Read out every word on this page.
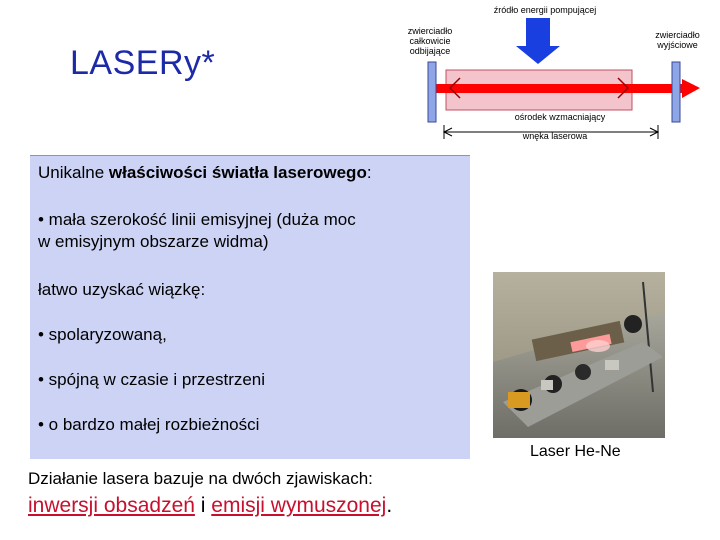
LASERy*
źródło energii pompującej
zwierciadło
całkowicie
odbijające
zwierciadło
wyjściowe
ośrodek wzmacniający
wnęka laserowa
Unikalne właściwości światła laserowego:
• mała szerokość linii emisyjnej (duża moc
w emisyjnym obszarze widma)
łatwo uzyskać wiązkę:
• spolaryzowaną,
• spójną w czasie i przestrzeni
• o bardzo małej rozbieżności
Laser He-Ne
Działanie lasera bazuje na dwóch zjawiskach:
inwersji obsadzeń i emisji wymuszonej.
